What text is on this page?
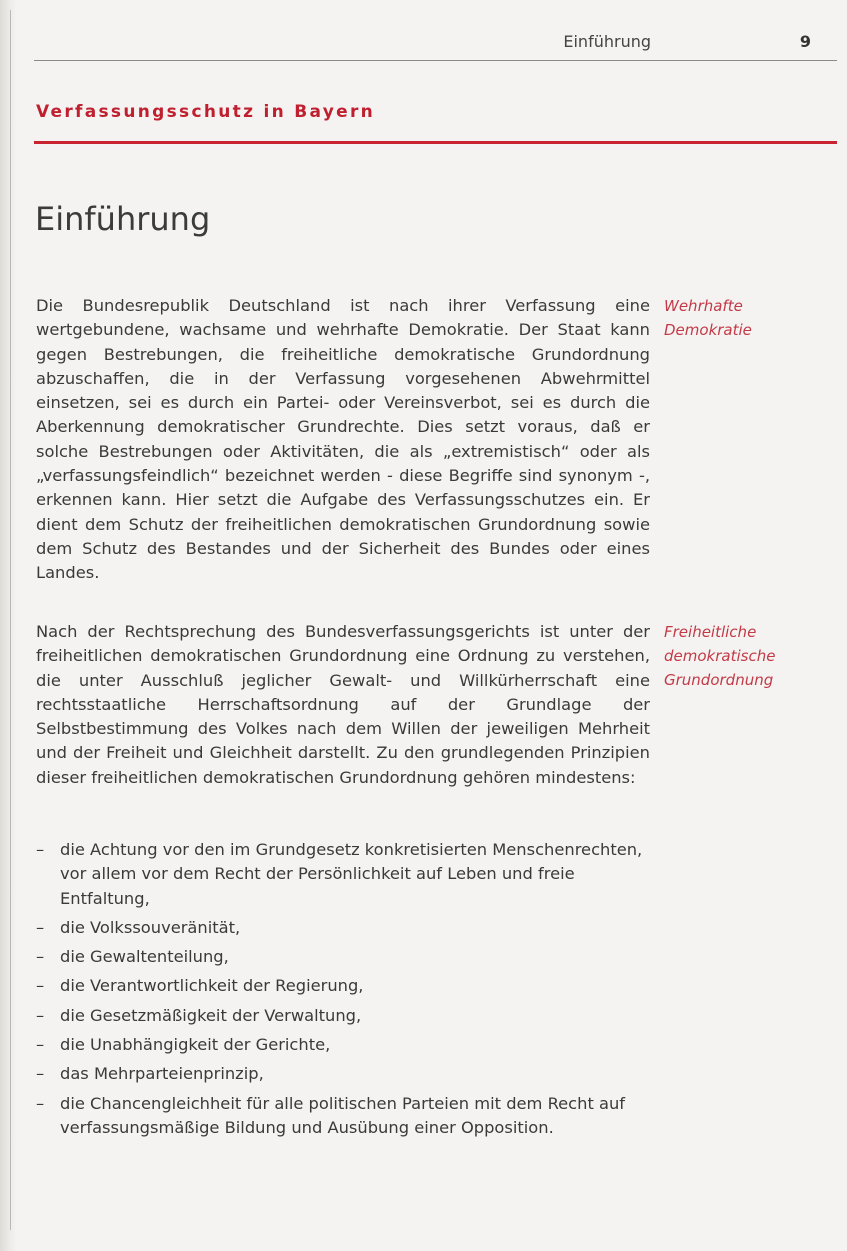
Einführung	9
Verfassungsschutz in Bayern
Einführung

Die Bundesrepublik Deutschland ist nach ihrer Verfassung eine wertgebundene, wachsame und wehrhafte Demokratie. Der Staat kann gegen Bestrebungen, die freiheitliche demokratische Grundordnung abzuschaffen, die in der Verfassung vorgesehenen Abwehrmittel einsetzen, sei es durch ein Partei- oder Vereinsverbot, sei es durch die Aberkennung demokratischer Grundrechte. Dies setzt voraus, daß er solche Bestrebungen oder Aktivitäten, die als „extremistisch“ oder als „verfassungsfeindlich“ bezeichnet werden - diese Begriffe sind synonym -, erkennen kann. Hier setzt die Aufgabe des Verfassungsschutzes ein. Er dient dem Schutz der freiheitlichen demokratischen Grundordnung sowie dem Schutz des Bestandes und der Sicherheit des Bundes oder eines Landes.

Wehrhafte Demokratie

Nach der Rechtsprechung des Bundesverfassungsgerichts ist unter der freiheitlichen demokratischen Grundordnung eine Ordnung zu verstehen, die unter Ausschluß jeglicher Gewalt- und Willkürherrschaft eine rechtsstaatliche Herrschaftsordnung auf der Grundlage der Selbstbestimmung des Volkes nach dem Willen der jeweiligen Mehrheit und der Freiheit und Gleichheit darstellt. Zu den grundlegenden Prinzipien dieser freiheitlichen demokratischen Grundordnung gehören mindestens:

Freiheitliche demokratische Grundordnung
– die Achtung vor den im Grundgesetz konkretisierten Menschenrechten, vor allem vor dem Recht der Persönlichkeit auf Leben und freie Entfaltung,
– die Volkssouveränität,
– die Gewaltenteilung,
– die Verantwortlichkeit der Regierung,
– die Gesetzmäßigkeit der Verwaltung,
– die Unabhängigkeit der Gerichte,
– das Mehrparteienprinzip,
– die Chancengleichheit für alle politischen Parteien mit dem Recht auf verfassungsmäßige Bildung und Ausübung einer Opposition.
